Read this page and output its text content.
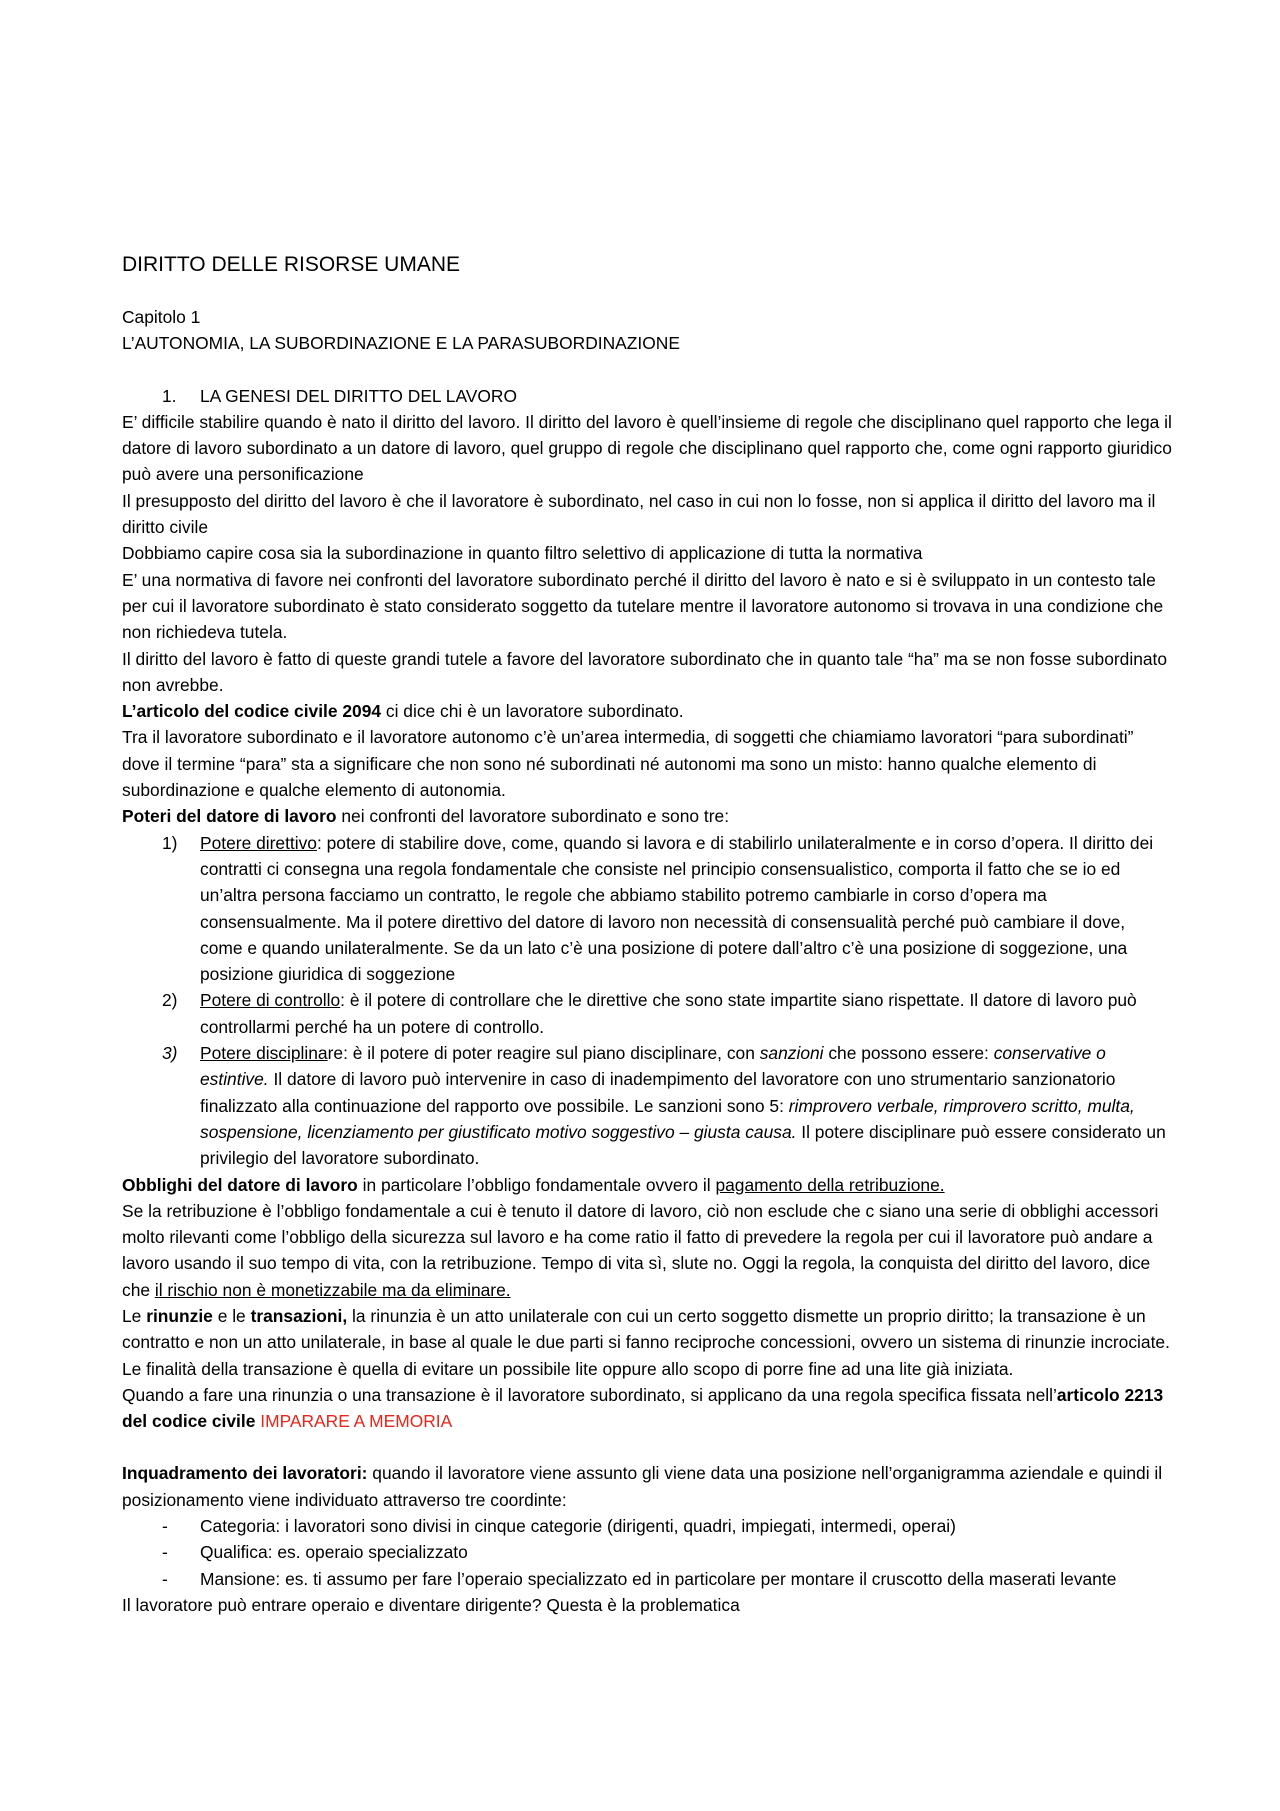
DIRITTO DELLE RISORSE UMANE

Capitolo 1

L’AUTONOMIA, LA SUBORDINAZIONE E LA PARASUBORDINAZIONE

1. LA GENESI DEL DIRITTO DEL LAVORO

E’ difficile stabilire quando è nato il diritto del lavoro. Il diritto del lavoro è quell’insieme di regole che disciplinano quel rapporto che lega il datore di lavoro subordinato a un datore di lavoro, quel gruppo di regole che disciplinano quel rapporto che, come ogni rapporto giuridico può avere una personificazione

Il presupposto del diritto del lavoro è che il lavoratore è subordinato, nel caso in cui non lo fosse, non si applica il diritto del lavoro ma il diritto civile

Dobbiamo capire cosa sia la subordinazione in quanto filtro selettivo di applicazione di tutta la normativa

E’ una normativa di favore nei confronti del lavoratore subordinato perché il diritto del lavoro è nato e si è sviluppato in un contesto tale per cui il lavoratore subordinato è stato considerato soggetto da tutelare mentre il lavoratore autonomo si trovava in una condizione che non richiedeva tutela.

Il diritto del lavoro è fatto di queste grandi tutele a favore del lavoratore subordinato che in quanto tale “ha” ma se non fosse subordinato non avrebbe.

L’articolo del codice civile 2094 ci dice chi è un lavoratore subordinato.

Tra il lavoratore subordinato e il lavoratore autonomo c’è un’area intermedia, di soggetti che chiamiamo lavoratori “para subordinati” dove il termine “para” sta a significare che non sono né subordinati né autonomi ma sono un misto: hanno qualche elemento di subordinazione e qualche elemento di autonomia.

Poteri del datore di lavoro nei confronti del lavoratore subordinato e sono tre:

1) Potere direttivo: potere di stabilire dove, come, quando si lavora e di stabilirlo unilateralmente e in corso d’opera. Il diritto dei contratti ci consegna una regola fondamentale che consiste nel principio consensualistico, comporta il fatto che se io ed un’altra persona facciamo un contratto, le regole che abbiamo stabilito potremo cambiarle in corso d’opera ma consensualmente. Ma il potere direttivo del datore di lavoro non necessità di consensualità perché può cambiare il dove, come e quando unilateralmente. Se da un lato c’è una posizione di potere dall’altro c’è una posizione di soggezione, una posizione giuridica di soggezione
2) Potere di controllo: è il potere di controllare che le direttive che sono state impartite siano rispettate. Il datore di lavoro può controllarmi perché ha un potere di controllo.
3) Potere disciplinare: è il potere di poter reagire sul piano disciplinare, con sanzioni che possono essere: conservative o estintive. Il datore di lavoro può intervenire in caso di inadempimento del lavoratore con uno strumentario sanzionatorio finalizzato alla continuazione del rapporto ove possibile. Le sanzioni sono 5: rimprovero verbale, rimprovero scritto, multa, sospensione, licenziamento per giustificato motivo soggestivo – giusta causa. Il potere disciplinare può essere considerato un privilegio del lavoratore subordinato.

Obblighi del datore di lavoro in particolare l’obbligo fondamentale ovvero il pagamento della retribuzione.

Se la retribuzione è l’obbligo fondamentale a cui è tenuto il datore di lavoro, ciò non esclude che c siano una serie di obblighi accessori molto rilevanti come l’obbligo della sicurezza sul lavoro e ha come ratio il fatto di prevedere la regola per cui il lavoratore può andare a lavoro usando il suo tempo di vita, con la retribuzione. Tempo di vita sì, slute no. Oggi la regola, la conquista del diritto del lavoro, dice che il rischio non è monetizzabile ma da eliminare.

Le rinunzie e le transazioni, la rinunzia è un atto unilaterale con cui un certo soggetto dismette un proprio diritto; la transazione è un contratto e non un atto unilaterale, in base al quale le due parti si fanno reciproche concessioni, ovvero un sistema di rinunzie incrociate. Le finalità della transazione è quella di evitare un possibile lite oppure allo scopo di porre fine ad una lite già iniziata.

Quando a fare una rinunzia o una transazione è il lavoratore subordinato, si applicano da una regola specifica fissata nell’articolo 2213 del codice civile IMPARARE A MEMORIA

Inquadramento dei lavoratori: quando il lavoratore viene assunto gli viene data una posizione nell’organigramma aziendale e quindi il posizionamento viene individuato attraverso tre coordinte:

- Categoria: i lavoratori sono divisi in cinque categorie (dirigenti, quadri, impiegati, intermedi, operai)
- Qualifica: es. operaio specializzato
- Mansione: es. ti assumo per fare l’operaio specializzato ed in particolare per montare il cruscotto della maserati levante

Il lavoratore può entrare operaio e diventare dirigente? Questa è la problematica
